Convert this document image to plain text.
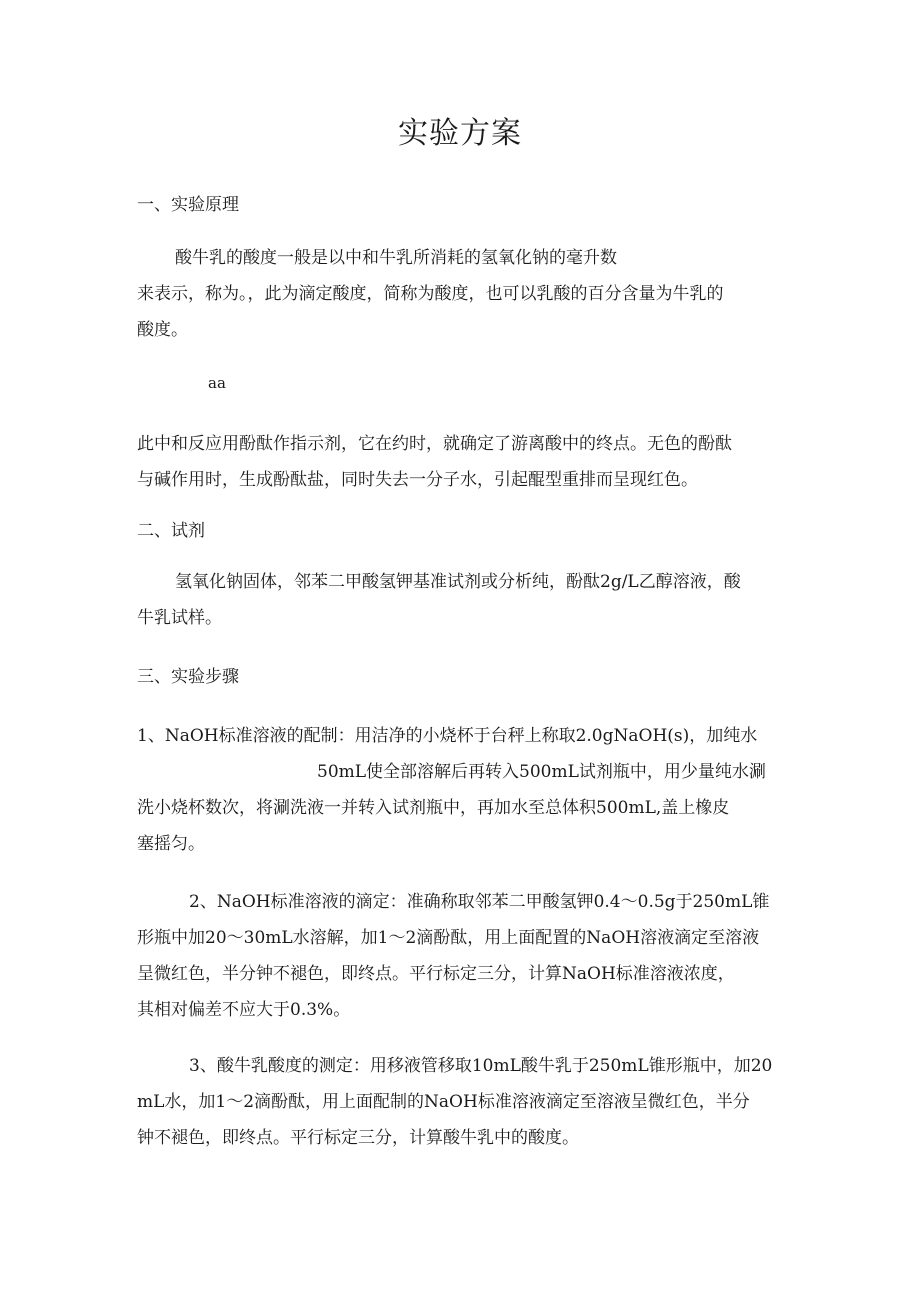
实验方案

一、实验原理

酸牛乳的酸度一般是以中和牛乳所消耗的氢氧化钠的毫升数
来表示，称为。，此为滴定酸度，简称为酸度，也可以乳酸的百分含量为牛乳的
酸度。

aa

此中和反应用酚酞作指示剂，它在约时，就确定了游离酸中的终点。无色的酚酞
与碱作用时，生成酚酞盐，同时失去一分子水，引起醌型重排而呈现红色。

二、试剂

氢氧化钠固体，邻苯二甲酸氢钾基准试剂或分析纯，酚酞2g/L乙醇溶液，酸
牛乳试样。

三、实验步骤

1、NaOH标准溶液的配制：用洁净的小烧杯于台秤上称取2.0gNaOH(s)，加纯水
50mL使全部溶解后再转入500mL试剂瓶中，用少量纯水涮
洗小烧杯数次，将涮洗液一并转入试剂瓶中，再加水至总体积500mL,盖上橡皮
塞摇匀。

2、NaOH标准溶液的滴定：准确称取邻苯二甲酸氢钾0.4～0.5g于250mL锥
形瓶中加20～30mL水溶解，加1～2滴酚酞，用上面配置的NaOH溶液滴定至溶液
呈微红色，半分钟不褪色，即终点。平行标定三分，计算NaOH标准溶液浓度，
其相对偏差不应大于0.3%。

3、酸牛乳酸度的测定：用移液管移取10mL酸牛乳于250mL锥形瓶中，加20
mL水，加1～2滴酚酞，用上面配制的NaOH标准溶液滴定至溶液呈微红色，半分
钟不褪色，即终点。平行标定三分，计算酸牛乳中的酸度。
